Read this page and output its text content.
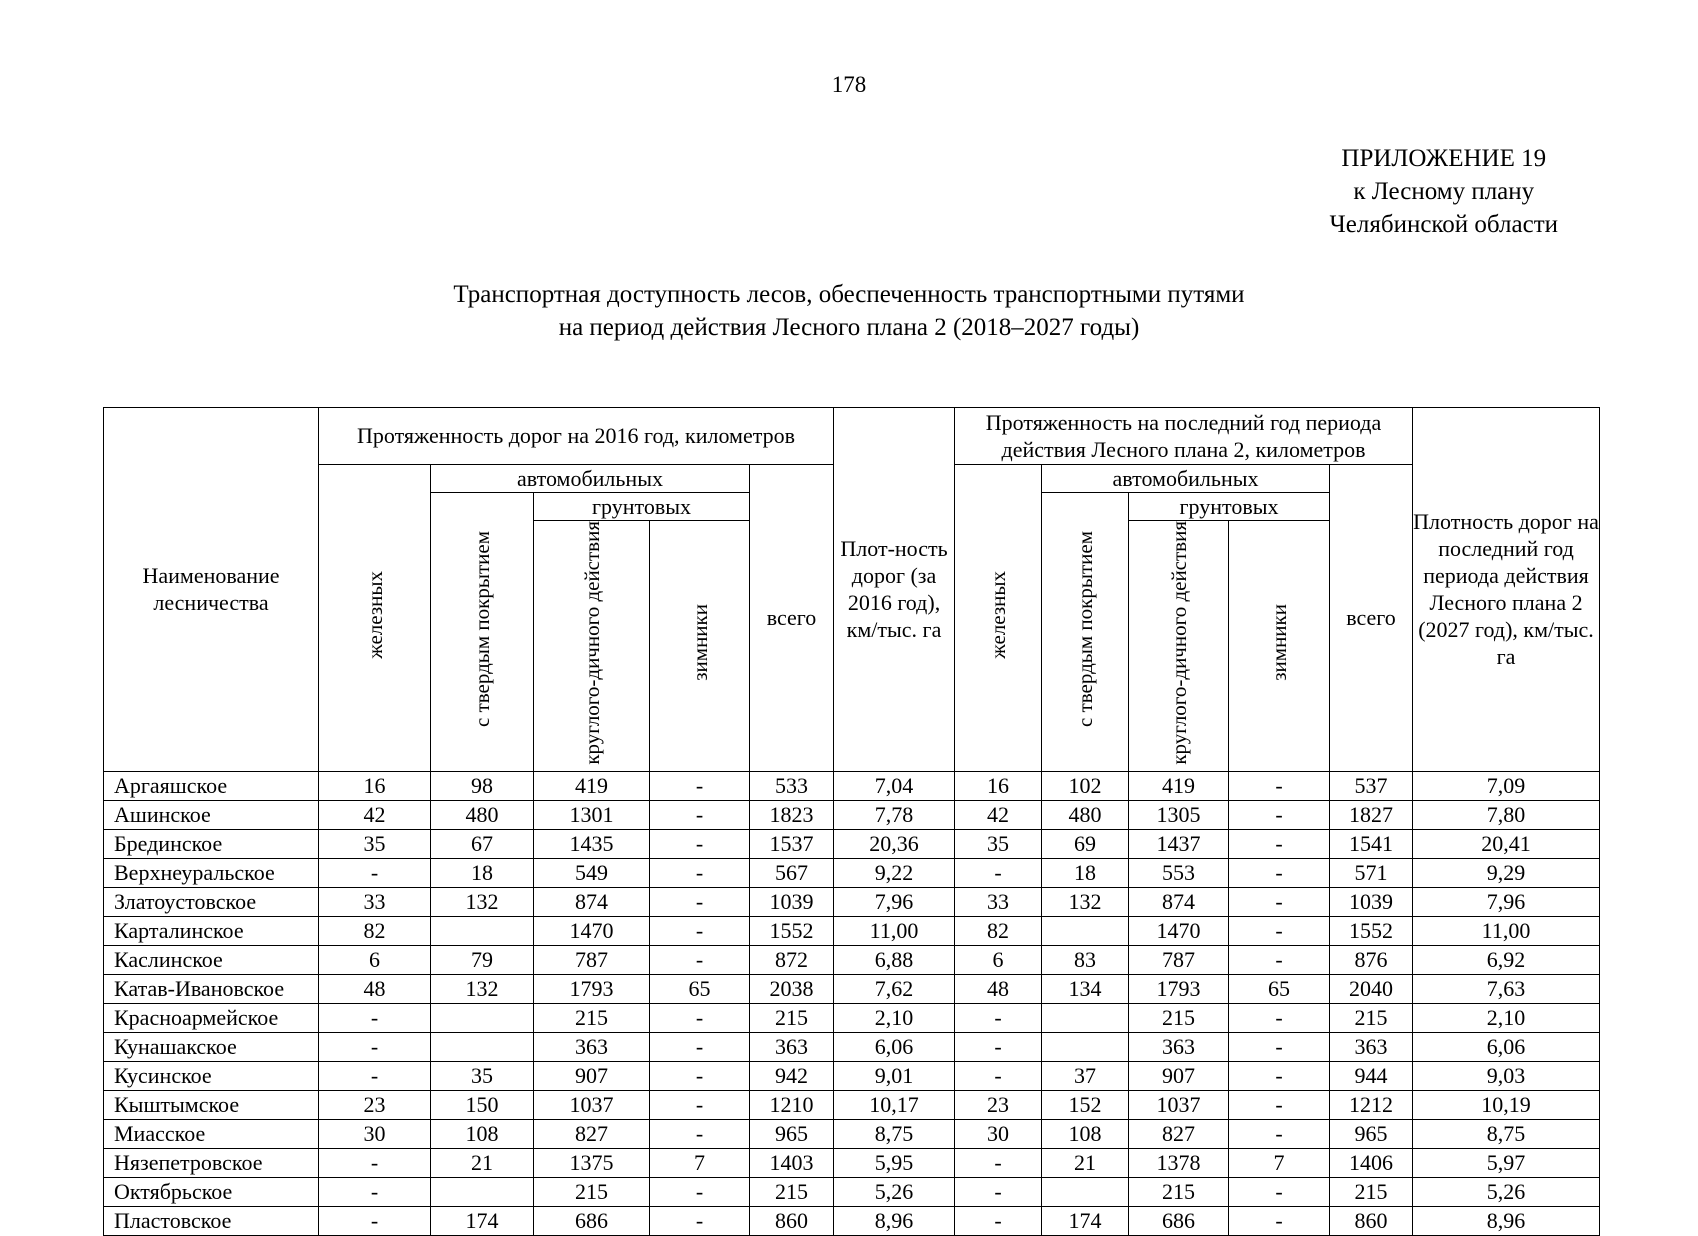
178
ПРИЛОЖЕНИЕ 19
к Лесному плану
Челябинской области
Транспортная доступность лесов, обеспеченность транспортными путями
на период действия Лесного плана 2 (2018–2027 годы)
Наименование лесничества	Протяженность дорог на 2016 год, километров					Плот-ность дорог (за 2016 год), км/тыс. га	Протяженность на последний год периода действия Лесного плана 2, километров					Плотность дорог на последний год периода действия Лесного плана 2 (2027 год), км/тыс. га
	железных	автомобильных			всего		железных	автомобильных			всего	
		с твердым покрытием	грунтовых					с твердым покрытием	грунтовых			
			круглого-дичного действия	зимники					круглого-дичного действия	зимники		
Аргаяшское	16	98	419	-	533	7,04	16	102	419	-	537	7,09
Ашинское	42	480	1301	-	1823	7,78	42	480	1305	-	1827	7,80
Брединское	35	67	1435	-	1537	20,36	35	69	1437	-	1541	20,41
Верхнеуральское	-	18	549	-	567	9,22	-	18	553	-	571	9,29
Златоустовское	33	132	874	-	1039	7,96	33	132	874	-	1039	7,96
Карталинское	82		1470	-	1552	11,00	82		1470	-	1552	11,00
Каслинское	6	79	787	-	872	6,88	6	83	787	-	876	6,92
Катав-Ивановское	48	132	1793	65	2038	7,62	48	134	1793	65	2040	7,63
Красноармейское	-		215	-	215	2,10	-		215	-	215	2,10
Кунашакское	-		363	-	363	6,06	-		363	-	363	6,06
Кусинское	-	35	907	-	942	9,01	-	37	907	-	944	9,03
Кыштымское	23	150	1037	-	1210	10,17	23	152	1037	-	1212	10,19
Миасское	30	108	827	-	965	8,75	30	108	827	-	965	8,75
Нязепетровское	-	21	1375	7	1403	5,95	-	21	1378	7	1406	5,97
Октябрьское	-		215	-	215	5,26	-		215	-	215	5,26
Пластовское	-	174	686	-	860	8,96	-	174	686	-	860	8,96
